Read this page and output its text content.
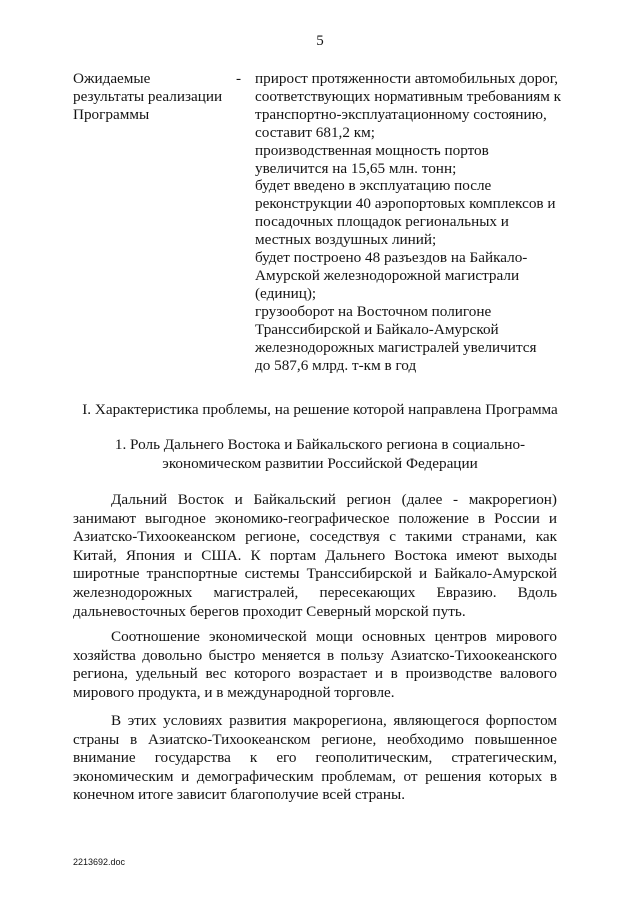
5
Ожидаемые
результаты реализации
Программы
- прирост протяженности автомобильных дорог,
соответствующих нормативным требованиям к
транспортно-эксплуатационному состоянию,
составит 681,2 км;
производственная мощность портов
увеличится на 15,65 млн. тонн;
будет введено в эксплуатацию после
реконструкции 40 аэропортовых комплексов и
посадочных площадок региональных и
местных воздушных линий;
будет построено 48 разъездов на Байкало-
Амурской железнодорожной магистрали
(единиц);
грузооборот на Восточном полигоне
Транссибирской и Байкало-Амурской
железнодорожных магистралей увеличится
до 587,6 млрд. т-км в год
I. Характеристика проблемы, на решение которой направлена Программа
1. Роль Дальнего Востока и Байкальского региона в социально-
экономическом развитии Российской Федерации
Дальний Восток и Байкальский регион (далее - макрорегион)
занимают выгодное экономико-географическое положение в России и
Азиатско-Тихоокеанском регионе, соседствуя с такими странами, как
Китай, Япония и США. К портам Дальнего Востока имеют выходы
широтные транспортные системы Транссибирской и Байкало-Амурской
железнодорожных магистралей, пересекающих Евразию. Вдоль
дальневосточных берегов проходит Северный морской путь.
Соотношение экономической мощи основных центров мирового
хозяйства довольно быстро меняется в пользу Азиатско-Тихоокеанского
региона, удельный вес которого возрастает и в производстве валового
мирового продукта, и в международной торговле.
В этих условиях развития макрорегиона, являющегося форпостом
страны в Азиатско-Тихоокеанском регионе, необходимо повышенное
внимание государства к его геополитическим, стратегическим,
экономическим и демографическим проблемам, от решения которых в
конечном итоге зависит благополучие всей страны.
2213692.doc
